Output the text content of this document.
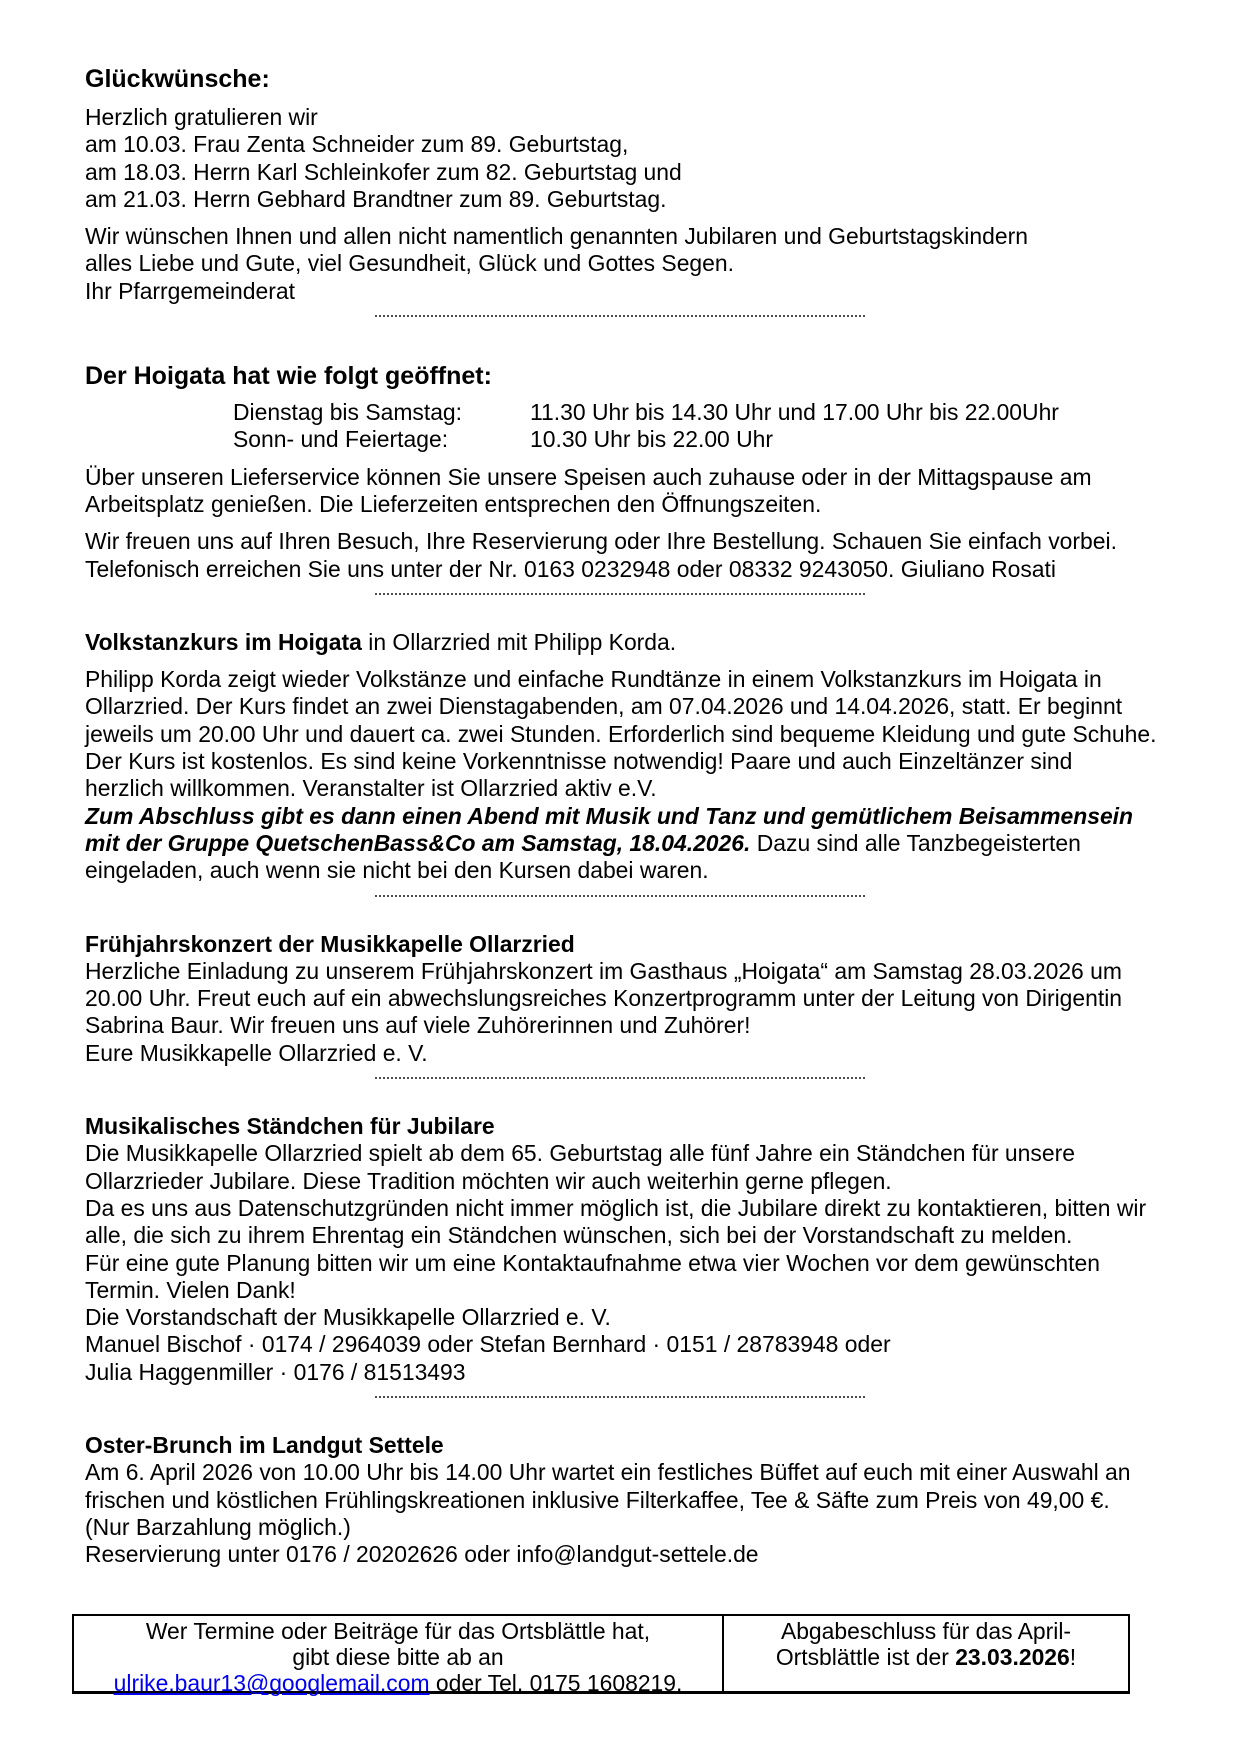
Glückwünsche:
Herzlich gratulieren wir
am 10.03. Frau Zenta Schneider zum 89. Geburtstag,
am 18.03. Herrn Karl Schleinkofer zum 82. Geburtstag und
am 21.03. Herrn Gebhard Brandtner zum 89. Geburtstag.
Wir wünschen Ihnen und allen nicht namentlich genannten Jubilaren und Geburtstagskindern
alles Liebe und Gute, viel Gesundheit, Glück und Gottes Segen.
Ihr Pfarrgemeinderat
Der Hoigata hat wie folgt geöffnet:
Dienstag bis Samstag:	11.30 Uhr bis 14.30 Uhr und 17.00 Uhr bis 22.00Uhr
Sonn- und Feiertage:	10.30 Uhr bis 22.00 Uhr
Über unseren Lieferservice können Sie unsere Speisen auch zuhause oder in der Mittagspause am
Arbeitsplatz genießen. Die Lieferzeiten entsprechen den Öffnungszeiten.
Wir freuen uns auf Ihren Besuch, Ihre Reservierung oder Ihre Bestellung. Schauen Sie einfach vorbei.
Telefonisch erreichen Sie uns unter der Nr. 0163 0232948 oder 08332 9243050. Giuliano Rosati
Volkstanzkurs im Hoigata in Ollarzried mit Philipp Korda.
Philipp Korda zeigt wieder Volkstänze und einfache Rundtänze in einem Volkstanzkurs im Hoigata in
Ollarzried. Der Kurs findet an zwei Dienstagabenden, am 07.04.2026 und 14.04.2026, statt. Er beginnt
jeweils um 20.00 Uhr und dauert ca. zwei Stunden. Erforderlich sind bequeme Kleidung und gute Schuhe.
Der Kurs ist kostenlos. Es sind keine Vorkenntnisse notwendig! Paare und auch Einzeltänzer sind
herzlich willkommen. Veranstalter ist Ollarzried aktiv e.V.
Zum Abschluss gibt es dann einen Abend mit Musik und Tanz und gemütlichem Beisammensein
mit der Gruppe QuetschenBass&Co am Samstag, 18.04.2026. Dazu sind alle Tanzbegeisterten
eingeladen, auch wenn sie nicht bei den Kursen dabei waren.
Frühjahrskonzert der Musikkapelle Ollarzried
Herzliche Einladung zu unserem Frühjahrskonzert im Gasthaus „Hoigata“ am Samstag 28.03.2026 um
20.00 Uhr. Freut euch auf ein abwechslungsreiches Konzertprogramm unter der Leitung von Dirigentin
Sabrina Baur. Wir freuen uns auf viele Zuhörerinnen und Zuhörer!
Eure Musikkapelle Ollarzried e. V.
Musikalisches Ständchen für Jubilare
Die Musikkapelle Ollarzried spielt ab dem 65. Geburtstag alle fünf Jahre ein Ständchen für unsere
Ollarzrieder Jubilare. Diese Tradition möchten wir auch weiterhin gerne pflegen.
Da es uns aus Datenschutzgründen nicht immer möglich ist, die Jubilare direkt zu kontaktieren, bitten wir
alle, die sich zu ihrem Ehrentag ein Ständchen wünschen, sich bei der Vorstandschaft zu melden.
Für eine gute Planung bitten wir um eine Kontaktaufnahme etwa vier Wochen vor dem gewünschten
Termin. Vielen Dank!
Die Vorstandschaft der Musikkapelle Ollarzried e. V.
Manuel Bischof · 0174 / 2964039 oder Stefan Bernhard · 0151 / 28783948 oder
Julia Haggenmiller · 0176 / 81513493
Oster-Brunch im Landgut Settele
Am 6. April 2026 von 10.00 Uhr bis 14.00 Uhr wartet ein festliches Büffet auf euch mit einer Auswahl an
frischen und köstlichen Frühlingskreationen inklusive Filterkaffee, Tee & Säfte zum Preis von 49,00 €.
(Nur Barzahlung möglich.)
Reservierung unter 0176 / 20202626 oder info@landgut-settele.de
Wer Termine oder Beiträge für das Ortsblättle hat,
gibt diese bitte ab an
ulrike.baur13@googlemail.com oder Tel. 0175 1608219.
Abgabeschluss für das April-
Ortsblättle ist der 23.03.2026!
